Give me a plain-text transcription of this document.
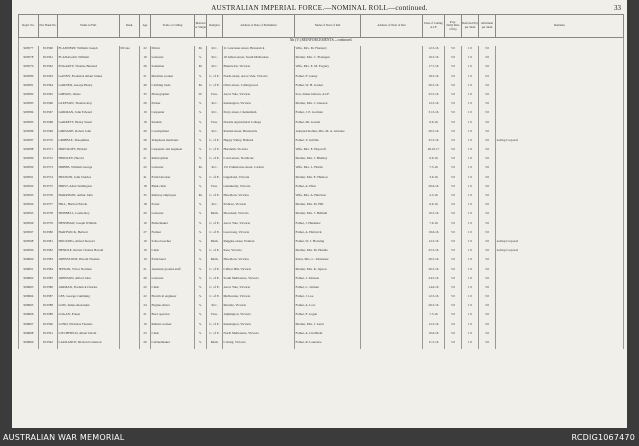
AUSTRALIAN IMPERIAL FORCE.—NOMINAL ROLL—continued.	33
Regtl. No.	Nat. Bank No.	Name in Full.	Rank.	Age	Trade or Calling	Married or Single	Religion	Address at Date of Enlistment	Name of Next of Kin	Address of Next of Kin	Date of Joining A.I.F.	Pay.
Daily Rate of Pay	Deferred Pay per diem	Allotment per diem	Remarks
5th (V.) REINFORCEMENTS—continued.															
909577	813560	FLANNERY, William Joseph	Private	22	Driver	M.	R.C.	11 Lancaster-street, Brunswick	Wife, Mrs. M. Flannery		12.5.16	5 0	1 0	3 0	
909578	813561	FLANAGAN, William		19	Labourer	S.	R.C.	18 Albert-street, South Melbourne	Mother, Mrs. C. Flanagan		16.5.16	5 0	1 0	3 0	
909579	813562	FOGARTY, Thomas Bernard		26	Salesman	M.	R.C.	Brunswick, Victoria	Wife, Mrs. E. M. Fogarty		17.7.16	5 0	1 0	3 0	
909580	813563	GANNY, Frederick Albert James		21	Machine worker	S.	C. of E.	North-street, Ascot Vale, Victoria	Father, F. Ganny		18.5.16	5 0	1 0	2 0	
909581	813564	GARNER, George Henry		40	Clothing trade	M.	C. of E.	Olive-street, Collingwood	Father, W. H. Garner		20.5.16	5 0	1 0	3 0	
909582	813565	GIBSON, James		35	Photographer	W.	Pres.	Ascot Vale, Victoria	Son, James Gibson, A.I.F.		25.5.16	5 0	1 0	3 0	
909583	813566	GLEESON, Thomas Roy		29	Packer	S.	R.C.	Kensington, Victoria	Mother, Mrs. J. Gleeson		12.5.16	5 0	1 0	3 0	
909584	813567	GORMAN, John Edward		19	Carpenter	S.	R.C.	Perry-street, Cheltenham	Father, J. E. Gorman		31.5.16	5 0	1 0	3 0	
909585	813568	GARRETT, Henry Stuart		18	Student	S.	Pres.	Dookie Agricultural College	Father, Mr. Garrett		6.6.16	5 0	1 0	3 0	
909586	813569	GIRNANE, Robert John		20	Coachpainter	S.	R.C.	Ronald-street, Brunswick	Adopted mother, Mrs. M. A. Girnane		20.5.16	5 0	1 0	3 0	
909587	813570	GRIBBLE, Theophilus		26	Telephone mechanic	S.	C. of E.	Happy Valley, Ballarat	Father, T. Gribble		25.5.16	5 0	1 0	3 0	Acting Corporal
909588	813571	HOPCROFT, Herbert		20	Carpenter and engineer	S.	C. of E.	Horsham, Victoria	Wife, Mrs. E. Hopcroft		26.10.17	5 0	1 0	3 0	
909589	813572	HINDLEY, Harold		21	Railwayman	S.	C. of E.	Coral-street, Northcote	Mother, Mrs. J. Hindley		6.6.16	5 0	1 0	3 0	
909590	813573	HOBBS, William George		22	Labourer	M.	R.C.	151 Palmerston-street, Carlton	Wife, Mrs. L. Hobbs		7.5.16	5 0	1 0	3 0	
909591	813574	HUDSON, John Charles		41	Farm labourer	S.	C. of E.	Gippsland, Victoria	Mother, Mrs. E. Hudson		3.6.16	5 0	1 0	3 0	
909592	813575	HIRST, Allan Wallington		18	Bank clerk	S.	Pres.	Glenhuntly, Victoria	Father, A. Hirst		20.6.16	5 0	1 0	3 0	
909593	813576	HARRISON, Arthur John		35	Railway employee	M.	C. of E.	Hawthorn, Victoria	Wife, Mrs. A. Harrison		2.5.16	5 0	1 0	3 0	
909594	813577	HILL, Herbert Edwin		18	Porter	S.	R.C.	Prahran, Victoria	Mother, Mrs. M. Hill		6.6.16	5 0	1 0	3 0	
909595	813578	HUBBELL, Leslie Roy		20	Labourer	S.	Meth.	Moreland, Victoria	Mother, Mrs. J. Hubbell		10.5.16	5 0	1 0	3 0	
909596	813579	HENSHAW, Joseph William		19	Boilermaker	S.	C. of E.	Ascot Vale, Victoria	Father, J. Henshaw		7.6.16	5 0	1 0	3 0	
909597	813580	HARTWICK, Herbert		27	Farmer	S.	C. of E.	Goornong, Victoria	Father, A. Hartwick		19.6.16	5 0	1 0	3 0	
909598	813581	HOCKING, Alfred Stewart		19	School teacher	S.	Meth.	Ruggles-street, Prahran	Father, W. J. Hocking		12.5.16	5 0	1 0	3 0	Acting Corporal
909599	813582	HENDLE, Robert Charles Harold		19	Clerk	S.	C. of E.	Kew, Victoria	Mother, Mrs. M. Hendle		25.5.16	5 0	1 0	3 0	Acting Corporal
909600	813583	JOHNSTONE, Harold Thomas		19	Farm hand	S.	Meth.	Hawthorn, Victoria	Sister, Mrs. C. Johnstone		20.5.16	5 0	1 0	3 0	
909601	813584	JEPSON, Victor Norman		21	Assistant ground-staff	S.	C. of E.	Clifton Hill, Victoria	Mother, Mrs. R. Jepson		20.5.16	5 0	1 0	3 0	
909602	813585	JOHNSON, Alfred John		26	Labourer	S.	C. of E.	South Melbourne, Victoria	Father, J. Johnson		24.5.16	5 0	1 0	3 0	
909603	813586	JARMAN, Frederick Charles		22	Clerk	S.	C. of E.	Ascot Vale, Victoria	Father, C. Jarman		14.6.16	5 0	1 0	3 0	
909604	813587	LEE, George Cumming		22	Electrical engineer	S.	C. of E.	Melbourne, Victoria	Father, J. Lee		12.5.16	5 0	1 0	3 0	
909605	813588	LOW, James Alexander		24	Engine-driver	S.	R.C.	Mernda, Victoria	Father, A. Low		26.5.16	5 0	1 0	3 0	
909606	813589	LOGAN, Ernest		21	Boot operator	S.	Pres.	Alphington, Victoria	Father, F. Logan		7.5.16	5 0	1 0	3 0	
909607	813590	LUND, Nicholas Thomas		19	Rubber-worker	S.	C. of E.	Kensington, Victoria	Mother, Mrs. J. Lund		12.5.16	5 0	1 0	3 0	
909608	813591	LITCHFIELD, Albert David		23	Clerk	S.	C. of E.	North Melbourne, Victoria	Father, A. Litchfield		10.6.16	5 0	1 0	3 0	
909609	813592	LAURANCE, Richard Cameron		20	Cabinetmaker	S.	Meth.	Coburg, Victoria	Father, R. Laurance		11.5.16	5 0	1 0	3 0	
AUSTRALIAN WAR MEMORIAL	RCDIG1067470
